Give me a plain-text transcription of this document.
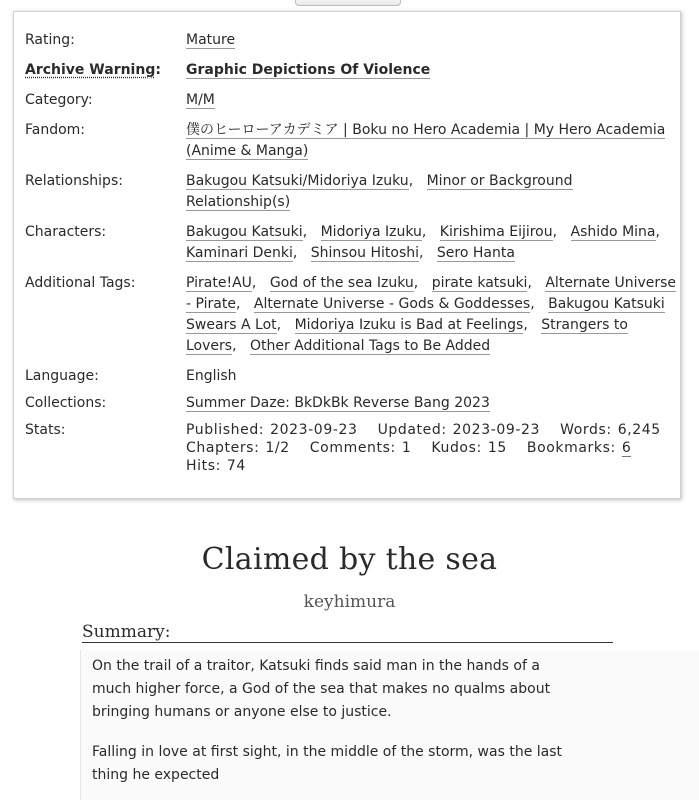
Rating:	Mature
Archive Warning:	Graphic Depictions Of Violence
Category:	M/M
Fandom:	僕のヒーローアカデミア | Boku no Hero Academia | My Hero Academia (Anime & Manga)
Relationships:	Bakugou Katsuki/Midoriya Izuku, Minor or Background Relationship(s)
Characters:	Bakugou Katsuki, Midoriya Izuku, Kirishima Eijirou, Ashido Mina, Kaminari Denki, Shinsou Hitoshi, Sero Hanta
Additional Tags:	Pirate!AU, God of the sea Izuku, pirate katsuki, Alternate Universe - Pirate, Alternate Universe - Gods & Goddesses, Bakugou Katsuki Swears A Lot, Midoriya Izuku is Bad at Feelings, Strangers to Lovers, Other Additional Tags to Be Added
Language:	English
Collections:	Summer Daze: BkDkBk Reverse Bang 2023
Stats:	Published: 2023-09-23 Updated: 2023-09-23 Words: 6,245 Chapters: 1/2 Comments: 1 Kudos: 15 Bookmarks: 6 Hits: 74
Claimed by the sea
keyhimura
Summary:

On the trail of a traitor, Katsuki finds said man in the hands of a much higher force, a God of the sea that makes no qualms about bringing humans or anyone else to justice.

Falling in love at first sight, in the middle of the storm, was the last thing he expected
